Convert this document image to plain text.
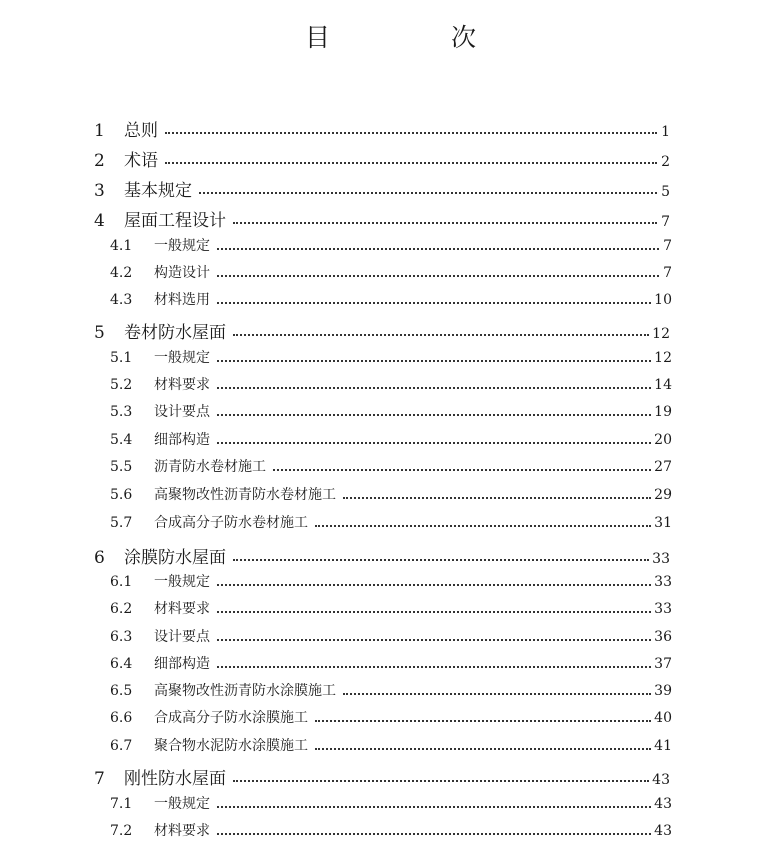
目　次
1	总则	1
2	术语	2
3	基本规定	5
4	屋面工程设计	7
4.1	一般规定	7
4.2	构造设计	7
4.3	材料选用	10
5	卷材防水屋面	12
5.1	一般规定	12
5.2	材料要求	14
5.3	设计要点	19
5.4	细部构造	20
5.5	沥青防水卷材施工	27
5.6	高聚物改性沥青防水卷材施工	29
5.7	合成高分子防水卷材施工	31
6	涂膜防水屋面	33
6.1	一般规定	33
6.2	材料要求	33
6.3	设计要点	36
6.4	细部构造	37
6.5	高聚物改性沥青防水涂膜施工	39
6.6	合成高分子防水涂膜施工	40
6.7	聚合物水泥防水涂膜施工	41
7	刚性防水屋面	43
7.1	一般规定	43
7.2	材料要求	43
